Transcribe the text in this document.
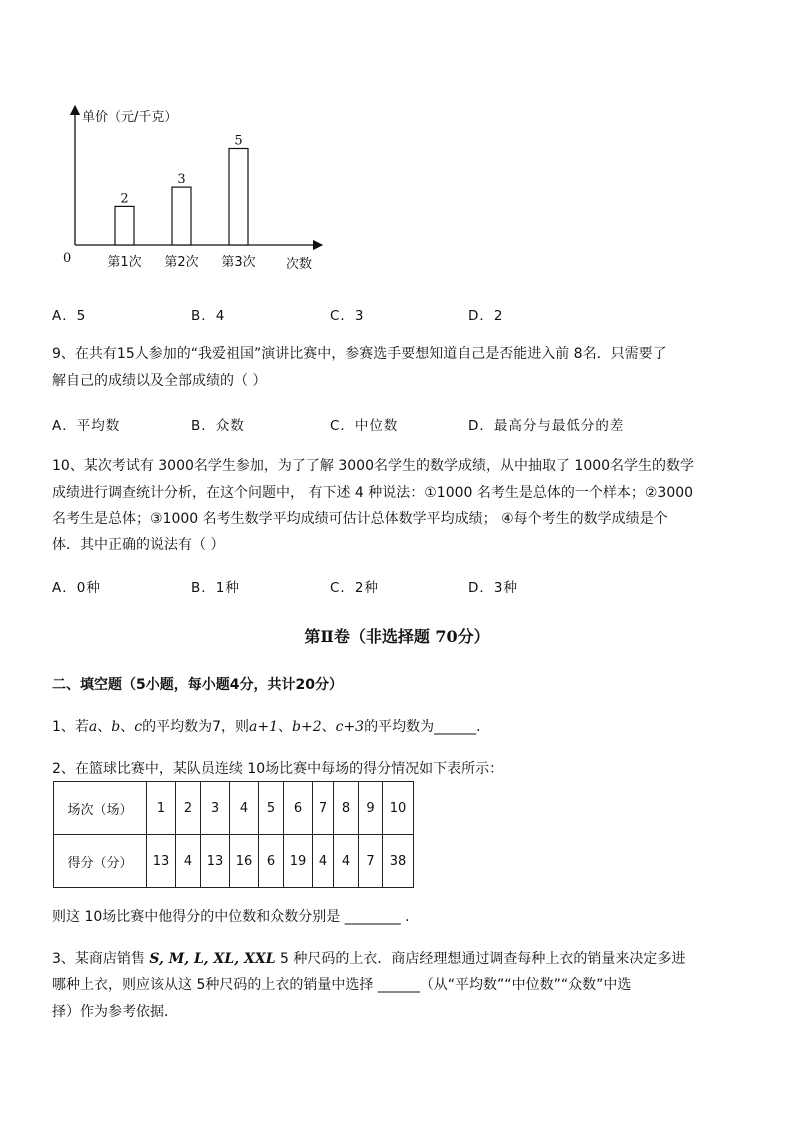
单价（元/千克）
次数
0
2
第1次
3
第2次
5
第3次
A．5	B．4	C．3	D．2
9、在共有15人参加的“我爱祖国”演讲比赛中，参赛选手要想知道自己是否能进入前 8名．只需要了
解自己的成绩以及全部成绩的（ ）
A．平均数	B．众数	C．中位数	D．最高分与最低分的差
10、某次考试有 3000名学生参加，为了了解 3000名学生的数学成绩，从中抽取了 1000名学生的数学
成绩进行调查统计分析，在这个问题中， 有下述 4 种说法：①1000 名考生是总体的一个样本；②3000
名考生是总体；③1000 名考生数学平均成绩可估计总体数学平均成绩； ④每个考生的数学成绩是个
体．其中正确的说法有（ ）
A．0种	B．1种	C．2种	D．3种
第Ⅱ卷（非选择题 70分）
二、填空题（5小题，每小题4分，共计20分）
1、若a、b、c的平均数为7，则a+1、b+2、c+3的平均数为______.
2、在篮球比赛中，某队员连续 10场比赛中每场的得分情况如下表所示：
场次（场）	1	2	3	4	5	6	7	8	9	10
得分（分）	13	4	13	16	6	19	4	4	7	38
则这 10场比赛中他得分的中位数和众数分别是 ________ .
3、某商店销售 S, M, L, XL, XXL 5 种尺码的上衣．商店经理想通过调查每种上衣的销量来决定多进
哪种上衣，则应该从这 5种尺码的上衣的销量中选择 ______（从“平均数”“中位数”“众数”中选
择）作为参考依据．
